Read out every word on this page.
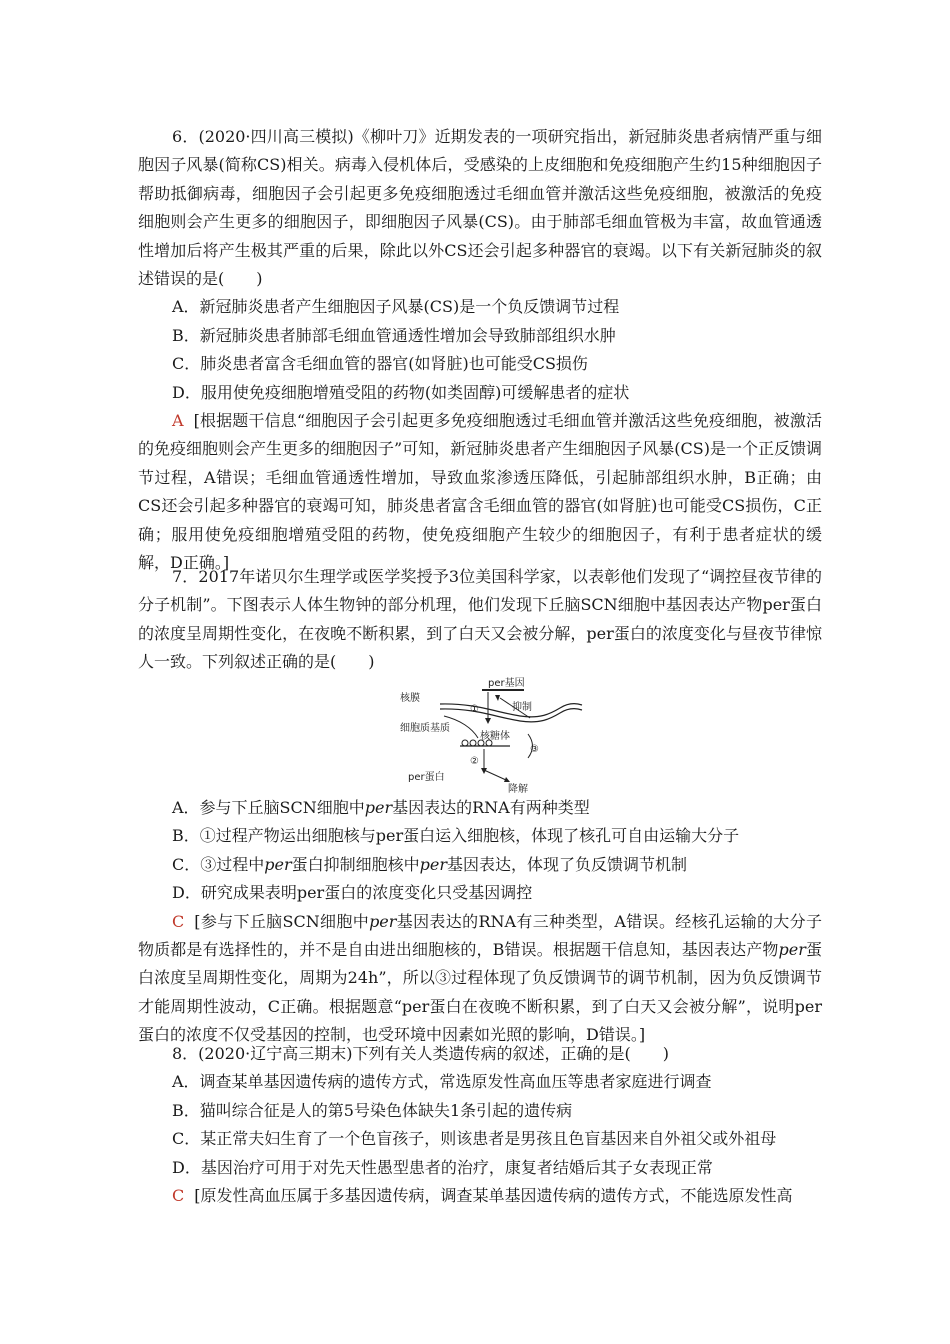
6．(2020·四川高三模拟)《柳叶刀》近期发表的一项研究指出，新冠肺炎患者病情严重与细胞因子风暴(简称CS)相关。病毒入侵机体后，受感染的上皮细胞和免疫细胞产生约15种细胞因子帮助抵御病毒，细胞因子会引起更多免疫细胞透过毛细血管并激活这些免疫细胞，被激活的免疫细胞则会产生更多的细胞因子，即细胞因子风暴(CS)。由于肺部毛细血管极为丰富，故血管通透性增加后将产生极其严重的后果，除此以外CS还会引起多种器官的衰竭。以下有关新冠肺炎的叙述错误的是(　　)

A．新冠肺炎患者产生细胞因子风暴(CS)是一个负反馈调节过程

B．新冠肺炎患者肺部毛细血管通透性增加会导致肺部组织水肿

C．肺炎患者富含毛细血管的器官(如肾脏)也可能受CS损伤

D．服用使免疫细胞增殖受阻的药物(如类固醇)可缓解患者的症状

A [根据题干信息“细胞因子会引起更多免疫细胞透过毛细血管并激活这些免疫细胞，被激活的免疫细胞则会产生更多的细胞因子”可知，新冠肺炎患者产生细胞因子风暴(CS)是一个正反馈调节过程，A错误；毛细血管通透性增加，导致血浆渗透压降低，引起肺部组织水肿，B正确；由CS还会引起多种器官的衰竭可知，肺炎患者富含毛细血管的器官(如肾脏)也可能受CS损伤，C正确；服用使免疫细胞增殖受阻的药物，使免疫细胞产生较少的细胞因子，有利于患者症状的缓解，D正确。]

7．2017年诺贝尔生理学或医学奖授予3位美国科学家，以表彰他们发现了“调控昼夜节律的分子机制”。下图表示人体生物钟的部分机理，他们发现下丘脑SCN细胞中基因表达产物per蛋白的浓度呈周期性变化，在夜晚不断积累，到了白天又会被分解，per蛋白的浓度变化与昼夜节律惊人一致。下列叙述正确的是(　　)

per基因
核膜
抑制
细胞质基质
核糖体
per蛋白
降解
①
②
③

A．参与下丘脑SCN细胞中per基因表达的RNA有两种类型

B．①过程产物运出细胞核与per蛋白运入细胞核，体现了核孔可自由运输大分子

C．③过程中per蛋白抑制细胞核中per基因表达，体现了负反馈调节机制

D．研究成果表明per蛋白的浓度变化只受基因调控

C [参与下丘脑SCN细胞中per基因表达的RNA有三种类型，A错误。经核孔运输的大分子物质都是有选择性的，并不是自由进出细胞核的，B错误。根据题干信息知，基因表达产物per蛋白浓度呈周期性变化，周期为24h”，所以③过程体现了负反馈调节的调节机制，因为负反馈调节才能周期性波动，C正确。根据题意“per蛋白在夜晚不断积累，到了白天又会被分解”，说明per蛋白的浓度不仅受基因的控制，也受环境中因素如光照的影响，D错误。]

8．(2020·辽宁高三期末)下列有关人类遗传病的叙述，正确的是(　　)

A．调查某单基因遗传病的遗传方式，常选原发性高血压等患者家庭进行调查

B．猫叫综合征是人的第5号染色体缺失1条引起的遗传病

C．某正常夫妇生育了一个色盲孩子，则该患者是男孩且色盲基因来自外祖父或外祖母

D．基因治疗可用于对先天性愚型患者的治疗，康复者结婚后其子女表现正常

C [原发性高血压属于多基因遗传病，调查某单基因遗传病的遗传方式，不能选原发性高
